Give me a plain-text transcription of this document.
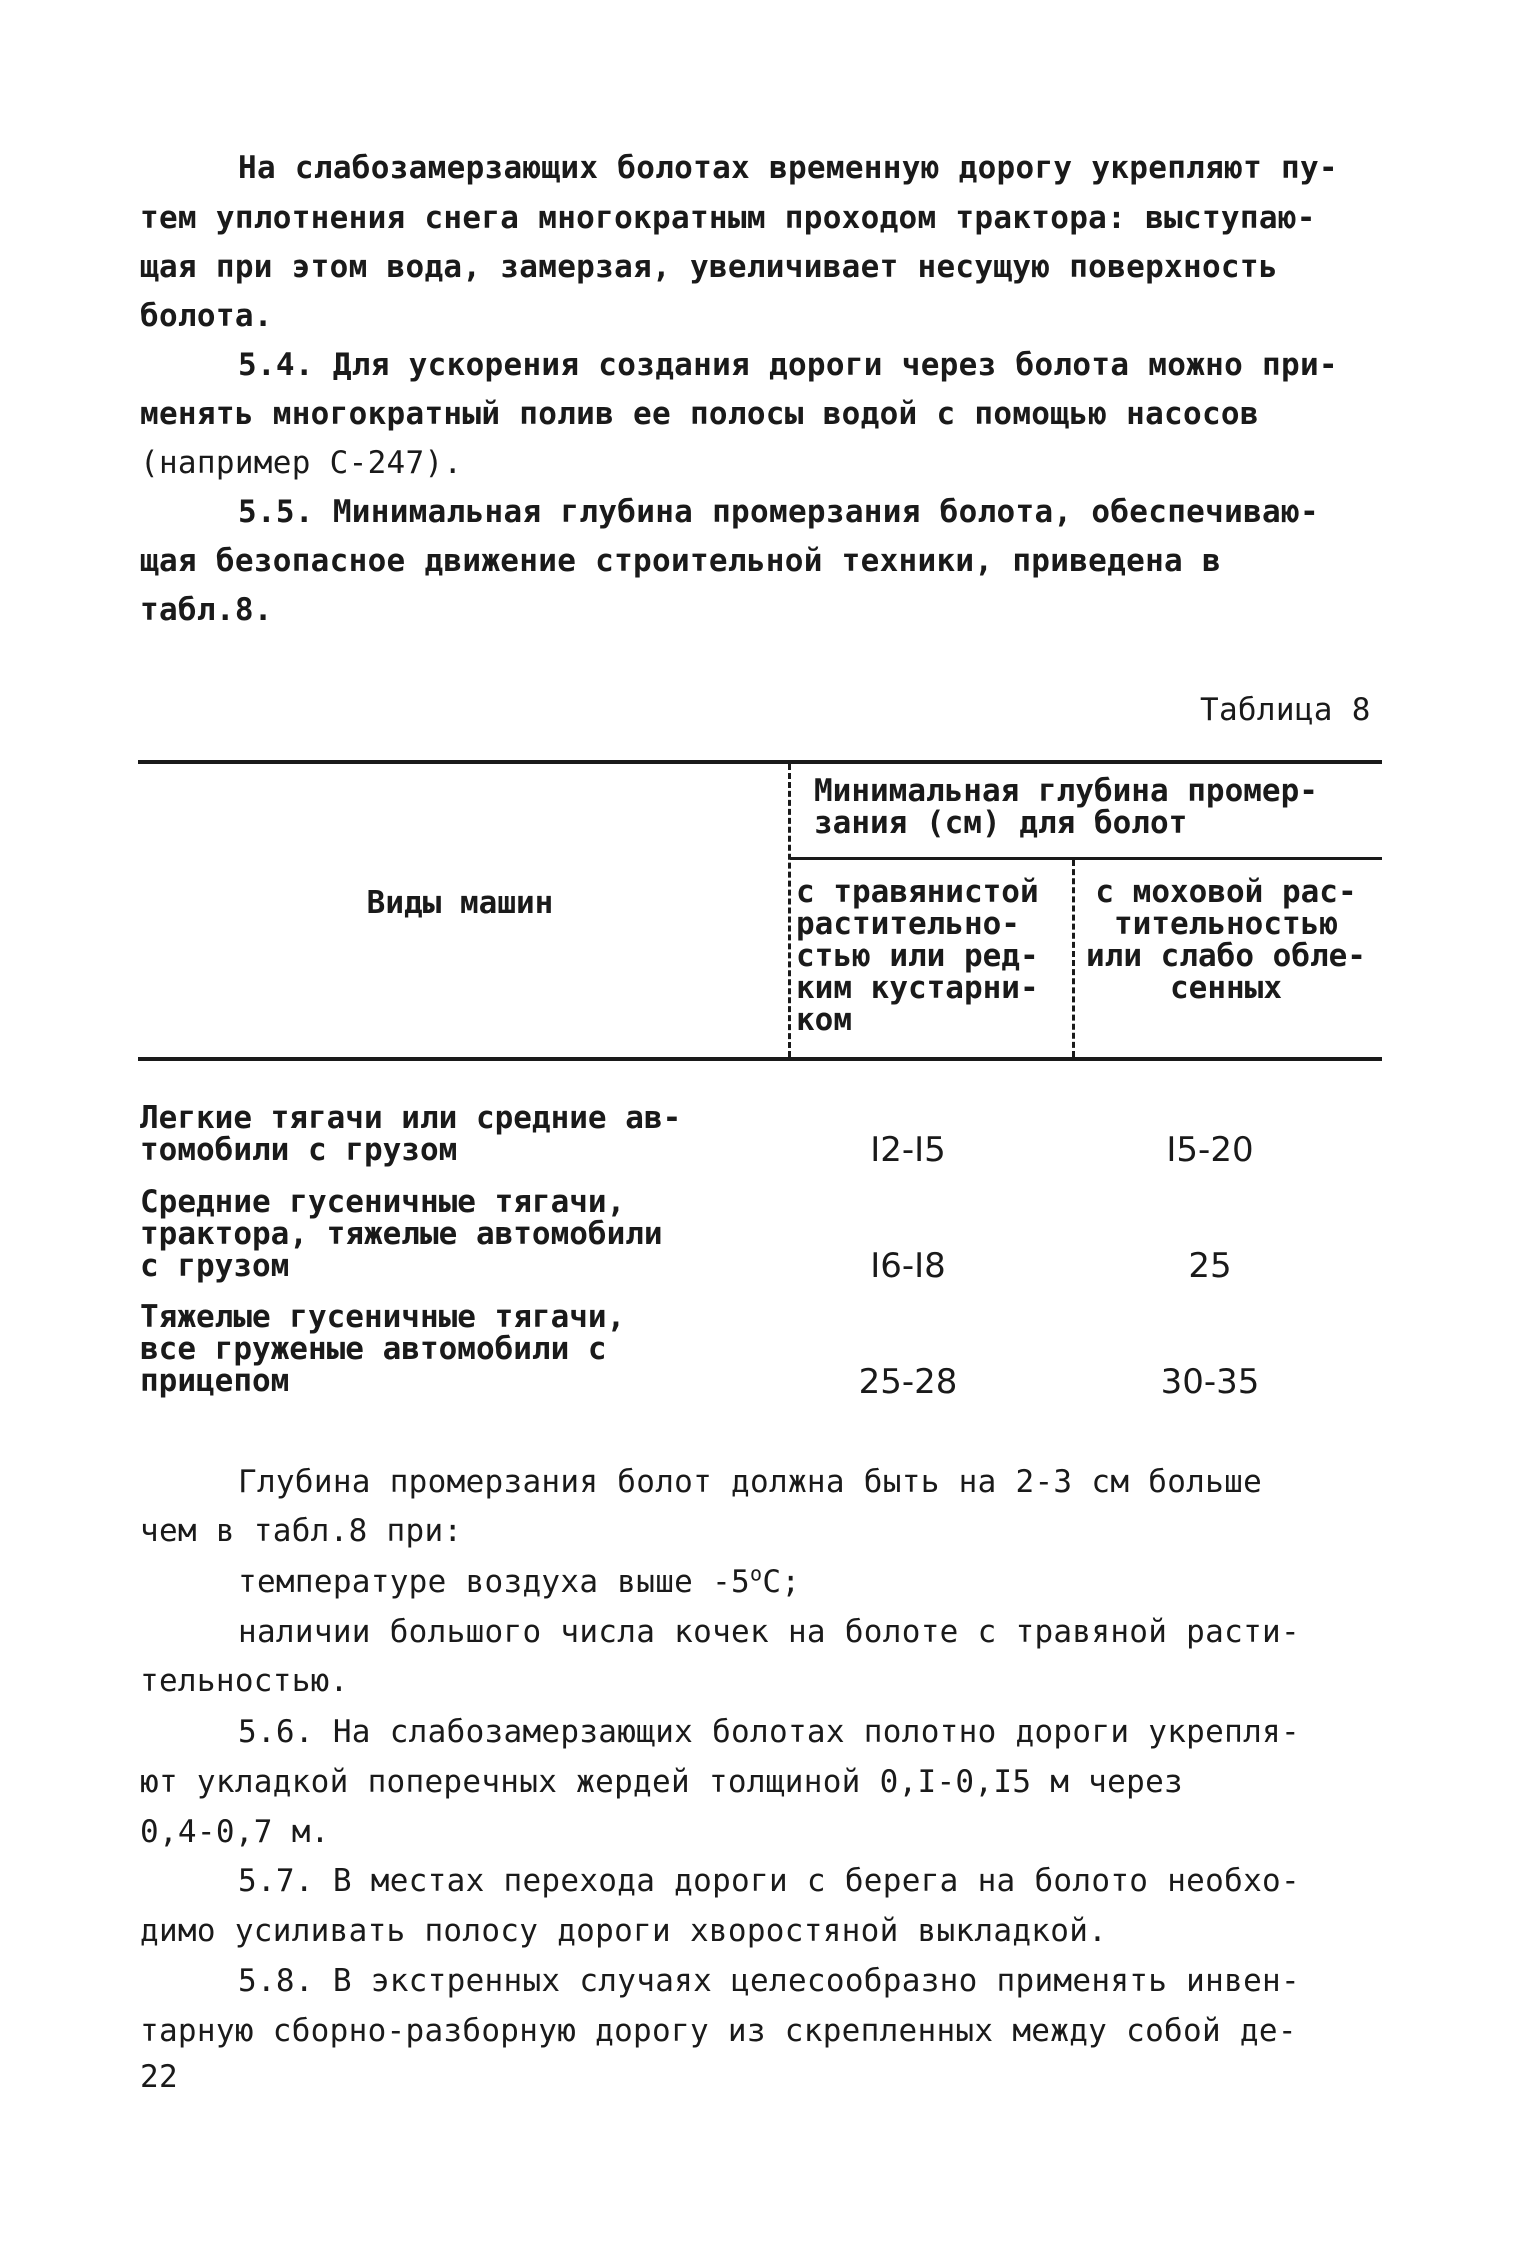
На слабозамерзающих болотах временную дорогу укрепляют пу-
тем уплотнения снега многократным проходом трактора: выступаю-
щая при этом вода, замерзая, увеличивает несущую поверхность
болота.
5.4. Для ускорения создания дороги через болота можно при-
менять многократный полив ее полосы водой с помощью насосов
(например С-247).
5.5. Минимальная глубина промерзания болота, обеспечиваю-
щая безопасное движение строительной техники, приведена в
табл.8.
Таблица 8
Виды машин
Минимальная глубина промер-
зания (см) для болот
с травянистой
растительно-
стью или ред-
ким кустарни-
ком
с моховой рас-
тительностью
или слабо обле-
сенных
Легкие тягачи или средние ав-
томобили с грузом	I2-I5	I5-20
Средние гусеничные тягачи,
трактора, тяжелые автомобили
с грузом	I6-I8	25
Тяжелые гусеничные тягачи,
все груженые автомобили с
прицепом	25-28	30-35
Глубина промерзания болот должна быть на 2-3 см больше
чем в табл.8 при:
температуре воздуха выше $-5^оС$;
наличии большого числа кочек на болоте с травяной расти-
тельностью.
5.6. На слабозамерзающих болотах полотно дороги укрепля-
ют укладкой поперечных жердей толщиной 0,I-0,I5 м через
0,4-0,7 м.
5.7. В местах перехода дороги с берега на болото необхо-
димо усиливать полосу дороги хворостяной выкладкой.
5.8. В экстренных случаях целесообразно применять инвен-
тарную сборно-разборную дорогу из скрепленных между собой де-
22
